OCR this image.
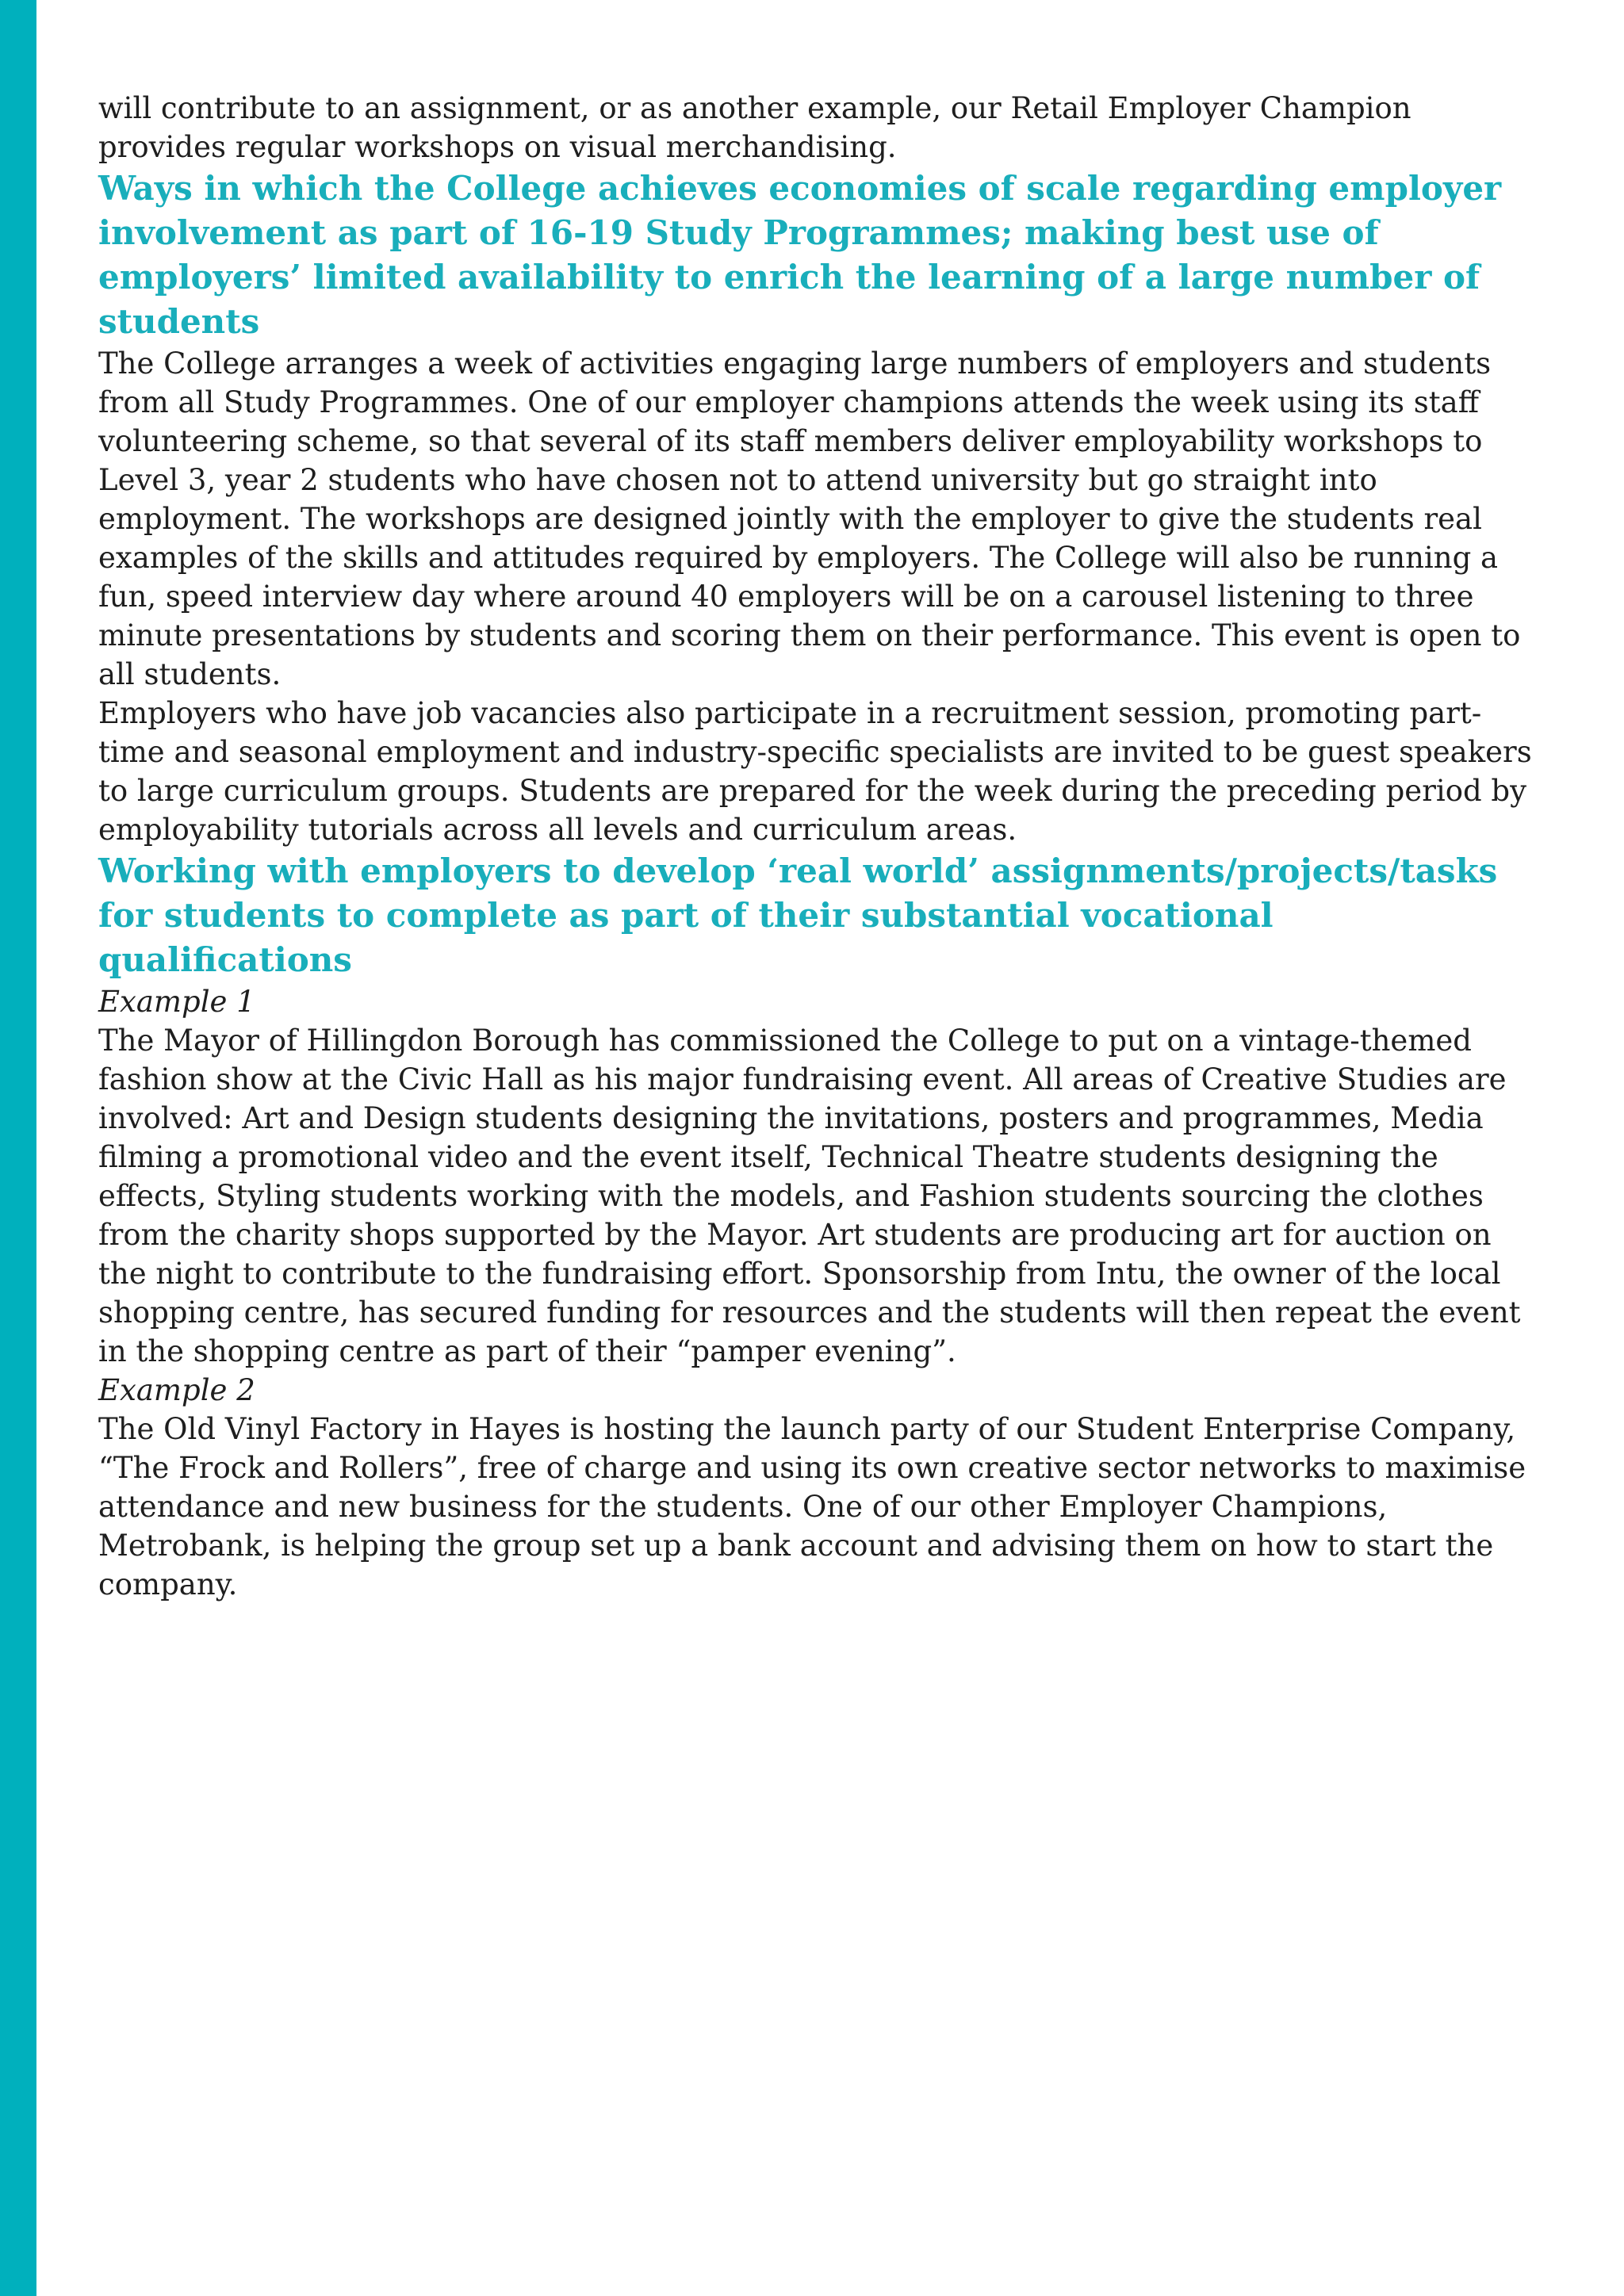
will contribute to an assignment, or as another example, our Retail Employer Champion provides regular workshops on visual merchandising.

Ways in which the College achieves economies of scale regarding employer involvement as part of 16-19 Study Programmes; making best use of employers’ limited availability to enrich the learning of a large number of students

The College arranges a week of activities engaging large numbers of employers and students from all Study Programmes. One of our employer champions attends the week using its staff volunteering scheme, so that several of its staff members deliver employability workshops to Level 3, year 2 students who have chosen not to attend university but go straight into employment. The workshops are designed jointly with the employer to give the students real examples of the skills and attitudes required by employers. The College will also be running a fun, speed interview day where around 40 employers will be on a carousel listening to three minute presentations by students and scoring them on their performance. This event is open to all students.

Employers who have job vacancies also participate in a recruitment session, promoting part-time and seasonal employment and industry-specific specialists are invited to be guest speakers to large curriculum groups. Students are prepared for the week during the preceding period by employability tutorials across all levels and curriculum areas.

Working with employers to develop ‘real world’ assignments/projects/tasks for students to complete as part of their substantial vocational qualifications

Example 1

The Mayor of Hillingdon Borough has commissioned the College to put on a vintage-themed fashion show at the Civic Hall as his major fundraising event. All areas of Creative Studies are involved: Art and Design students designing the invitations, posters and programmes, Media filming a promotional video and the event itself, Technical Theatre students designing the effects, Styling students working with the models, and Fashion students sourcing the clothes from the charity shops supported by the Mayor. Art students are producing art for auction on the night to contribute to the fundraising effort. Sponsorship from Intu, the owner of the local shopping centre, has secured funding for resources and the students will then repeat the event in the shopping centre as part of their “pamper evening”.

Example 2

The Old Vinyl Factory in Hayes is hosting the launch party of our Student Enterprise Company, “The Frock and Rollers”, free of charge and using its own creative sector networks to maximise attendance and new business for the students. One of our other Employer Champions, Metrobank, is helping the group set up a bank account and advising them on how to start the company.
